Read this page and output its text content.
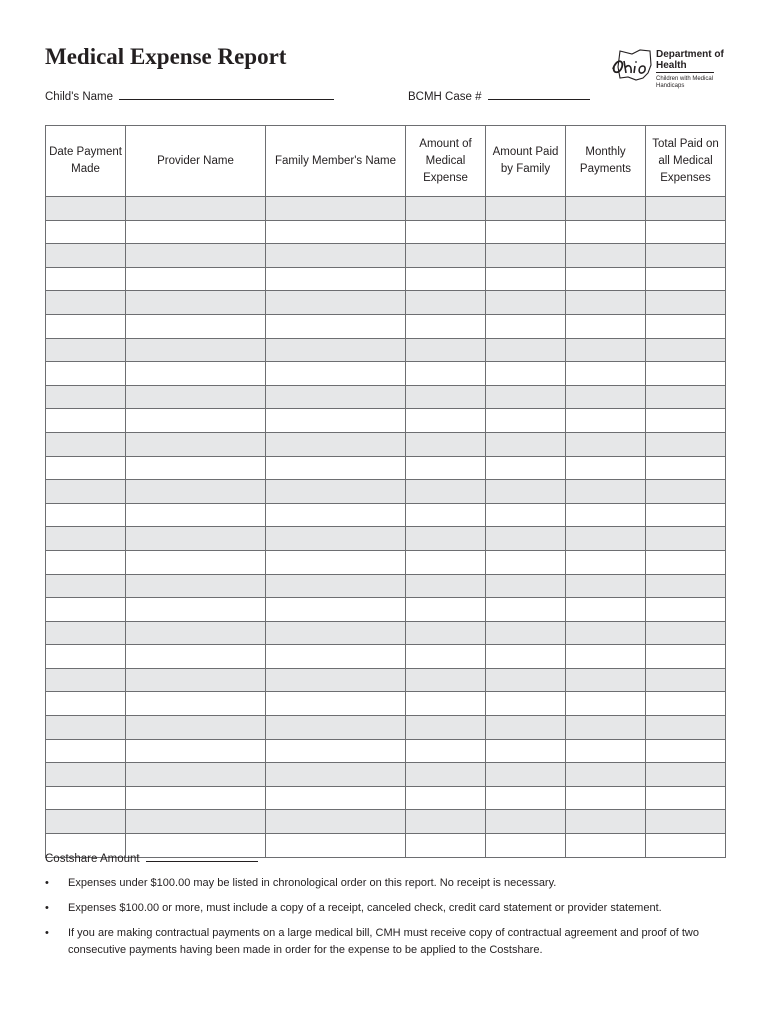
Medical Expense Report	Department of Health
Children with Medical Handicaps
Child's Name	BCMH Case #
Date Payment Made	Provider Name	Family Member's Name	Amount of Medical Expense	Amount Paid by Family	Monthly Payments	Total Paid on all Medical Expenses

Costshare Amount
• Expenses under $100.00 may be listed in chronological order on this report. No receipt is necessary.
• Expenses $100.00 or more, must include a copy of a receipt, canceled check, credit card statement or provider statement.
• If you are making contractual payments on a large medical bill, CMH must receive copy of contractual agreement and proof of two consecutive payments having been made in order for the expense to be applied to the Costshare.
